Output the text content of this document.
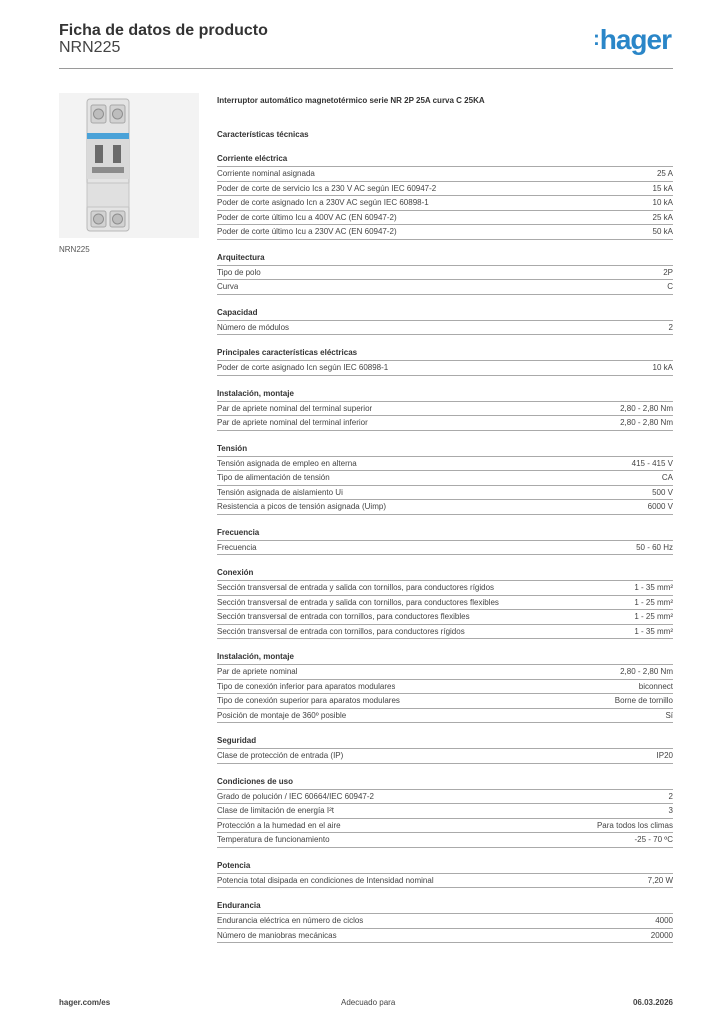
Ficha de datos de producto
NRN225	:hager
NRN225
Interruptor automático magnetotérmico serie NR 2P 25A curva C 25KA
Características técnicas
Corriente eléctrica
Corriente nominal asignada	25 A
Poder de corte de servicio Ics a 230 V AC según IEC 60947-2	15 kA
Poder de corte asignado Icn a 230V AC según IEC 60898-1	10 kA
Poder de corte último Icu a 400V AC (EN 60947-2)	25 kA
Poder de corte último Icu a 230V AC (EN 60947-2)	50 kA
Arquitectura
Tipo de polo	2P
Curva	C
Capacidad
Número de módulos	2
Principales características eléctricas
Poder de corte asignado Icn según IEC 60898-1	10 kA
Instalación, montaje
Par de apriete nominal del terminal superior	2,80 - 2,80 Nm
Par de apriete nominal del terminal inferior	2,80 - 2,80 Nm
Tensión
Tensión asignada de empleo en alterna	415 - 415 V
Tipo de alimentación de tensión	CA
Tensión asignada de aislamiento Ui	500 V
Resistencia a picos de tensión asignada (Uimp)	6000 V
Frecuencia
Frecuencia	50 - 60 Hz
Conexión
Sección transversal de entrada y salida con tornillos, para conductores rígidos	1 - 35 mm²
Sección transversal de entrada y salida con tornillos, para conductores flexibles	1 - 25 mm²
Sección transversal de entrada con tornillos, para conductores flexibles	1 - 25 mm²
Sección transversal de entrada con tornillos, para conductores rígidos	1 - 35 mm²
Instalación, montaje
Par de apriete nominal	2,80 - 2,80 Nm
Tipo de conexión inferior para aparatos modulares	biconnect
Tipo de conexión superior para aparatos modulares	Borne de tornillo
Posición de montaje de 360º posible	Sí
Seguridad
Clase de protección de entrada (IP)	IP20
Condiciones de uso
Grado de polución / IEC 60664/IEC 60947-2	2
Clase de limitación de energía I²t	3
Protección a la humedad en el aire	Para todos los climas
Temperatura de funcionamiento	-25 - 70 ºC
Potencia
Potencia total disipada en condiciones de Intensidad nominal	7,20 W
Endurancia
Endurancia eléctrica en número de ciclos	4000
Número de maniobras mecánicas	20000
hager.com/es	Adecuado para	06.03.2026
